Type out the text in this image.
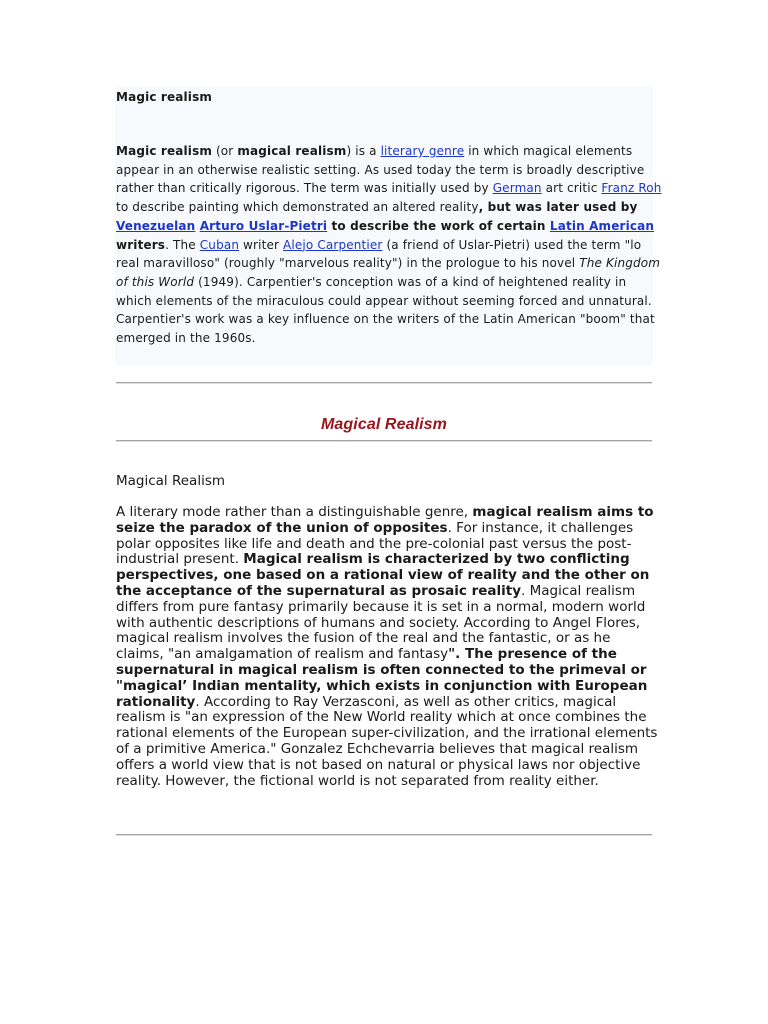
Magic realism
Magic realism (or magical realism) is a literary genre in which magical elements appear in an otherwise realistic setting. As used today the term is broadly descriptive rather than critically rigorous. The term was initially used by German art critic Franz Roh to describe painting which demonstrated an altered reality, but was later used by Venezuelan Arturo Uslar-Pietri to describe the work of certain Latin American writers. The Cuban writer Alejo Carpentier (a friend of Uslar-Pietri) used the term "lo real maravilloso" (roughly "marvelous reality") in the prologue to his novel The Kingdom of this World (1949). Carpentier's conception was of a kind of heightened reality in which elements of the miraculous could appear without seeming forced and unnatural. Carpentier's work was a key influence on the writers of the Latin American "boom" that emerged in the 1960s.
Magical Realism
Magical Realism
A literary mode rather than a distinguishable genre, magical realism aims to seize the paradox of the union of opposites. For instance, it challenges polar opposites like life and death and the pre-colonial past versus the post-industrial present. Magical realism is characterized by two conflicting perspectives, one based on a rational view of reality and the other on the acceptance of the supernatural as prosaic reality. Magical realism differs from pure fantasy primarily because it is set in a normal, modern world with authentic descriptions of humans and society. According to Angel Flores, magical realism involves the fusion of the real and the fantastic, or as he claims, "an amalgamation of realism and fantasy". The presence of the supernatural in magical realism is often connected to the primeval or "magical’ Indian mentality, which exists in conjunction with European rationality. According to Ray Verzasconi, as well as other critics, magical realism is "an expression of the New World reality which at once combines the rational elements of the European super-civilization, and the irrational elements of a primitive America." Gonzalez Echchevarria believes that magical realism offers a world view that is not based on natural or physical laws nor objective reality. However, the fictional world is not separated from reality either.
